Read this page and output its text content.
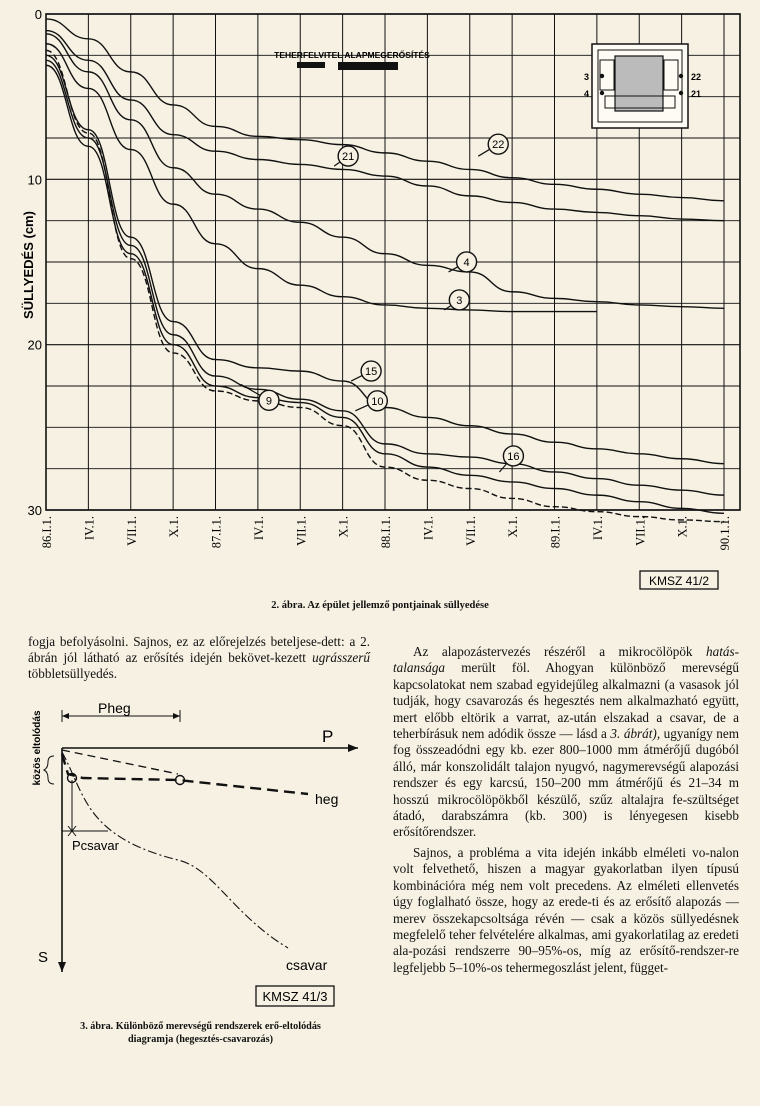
0
10
20
30
86.I.1. IV.1. VII.1. X.1. 87.I.1. IV.1. VII.1. X.1. 88.I.1. IV.1. VII.1. X.1. 89.I.1. IV.1. VII.1. X.1. 90.1.1.
SÜLLYEDÉS (cm)
TEHERFELVITEL ALAPMEGERŐSÍTÉS
3
4
22
21
22
21
4
3
15
10
9
16
KMSZ 41/2
2. ábra. Az épület jellemző pontjainak süllyedése

fogja befolyásolni. Sajnos, ez az előrejelzés beteljese-dett: a 2. ábrán jól látható az erősítés idején bekövet-kezett ugrásszerű többletsüllyedés.

közös eltolódás
Pheg
P
S
heg
csavar
Pcsavar
KMSZ 41/3
3. ábra. Különböző merevségű rendszerek erő-eltolódás
diagramja (hegesztés-csavarozás)

Az alapozástervezés részéről a mikrocölöpök hatás-talansága merült föl. Ahogyan különböző merevségű kapcsolatokat nem szabad egyidejűleg alkalmazni (a vasasok jól tudják, hogy csavarozás és hegesztés nem alkalmazható együtt, mert előbb eltörik a varrat, az-után elszakad a csavar, de a teherbírásuk nem adódik össze — lásd a 3. ábrát), ugyanígy nem fog összeadódni egy kb. ezer 800–1000 mm átmérőjű dugóból álló, már konszolidált talajon nyugvó, nagymerevségű alapozási rendszer és egy karcsú, 150–200 mm átmérőjű és 21–34 m hosszú mikrocölöpökből készülő, szűz altalajra fe-szültséget átadó, darabszámra (kb. 300) is lényegesen kisebb erősítőrendszer.

Sajnos, a probléma a vita idején inkább elméleti vo-nalon volt felvethető, hiszen a magyar gyakorlatban ilyen típusú kombinációra még nem volt precedens. Az elméleti ellenvetés úgy foglalható össze, hogy az erede-ti és az erősítő alapozás — merev összekapcsoltsága révén — csak a közös süllyedésnek megfelelő teher felvételére alkalmas, ami gyakorlatilag az eredeti ala-pozási rendszerre 90–95%-os, míg az erősítő-rendszer-re legfeljebb 5–10%-os tehermegoszlást jelent, függet-
